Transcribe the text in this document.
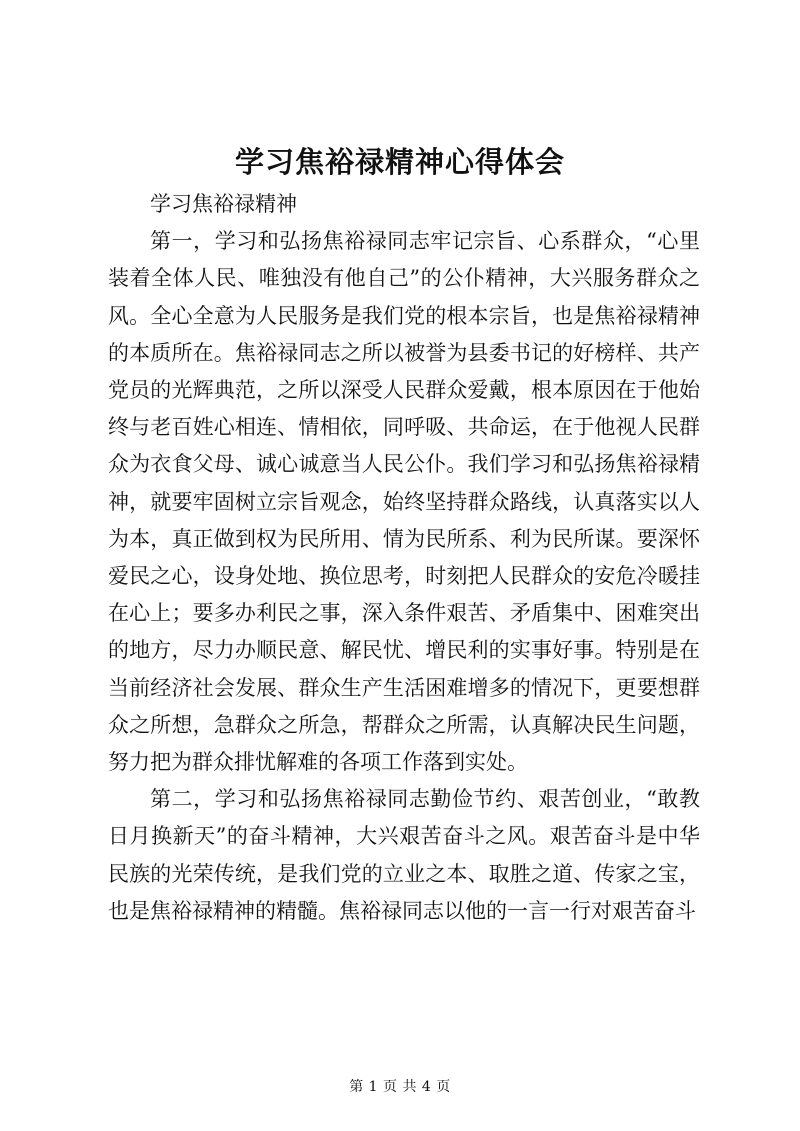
学习焦裕禄精神心得体会

学习焦裕禄精神

第一，学习和弘扬焦裕禄同志牢记宗旨、心系群众，“心里装着全体人民、唯独没有他自己”的公仆精神，大兴服务群众之风。全心全意为人民服务是我们党的根本宗旨，也是焦裕禄精神的本质所在。焦裕禄同志之所以被誉为县委书记的好榜样、共产党员的光辉典范，之所以深受人民群众爱戴，根本原因在于他始终与老百姓心相连、情相依，同呼吸、共命运，在于他视人民群众为衣食父母、诚心诚意当人民公仆。我们学习和弘扬焦裕禄精神，就要牢固树立宗旨观念，始终坚持群众路线，认真落实以人为本，真正做到权为民所用、情为民所系、利为民所谋。要深怀爱民之心，设身处地、换位思考，时刻把人民群众的安危冷暖挂在心上；要多办利民之事，深入条件艰苦、矛盾集中、困难突出的地方，尽力办顺民意、解民忧、增民利的实事好事。特别是在当前经济社会发展、群众生产生活困难增多的情况下，更要想群众之所想，急群众之所急，帮群众之所需，认真解决民生问题，努力把为群众排忧解难的各项工作落到实处。

第二，学习和弘扬焦裕禄同志勤俭节约、艰苦创业，“敢教日月换新天”的奋斗精神，大兴艰苦奋斗之风。艰苦奋斗是中华民族的光荣传统，是我们党的立业之本、取胜之道、传家之宝，也是焦裕禄精神的精髓。焦裕禄同志以他的一言一行对艰苦奋斗

第 1 页 共 4 页
